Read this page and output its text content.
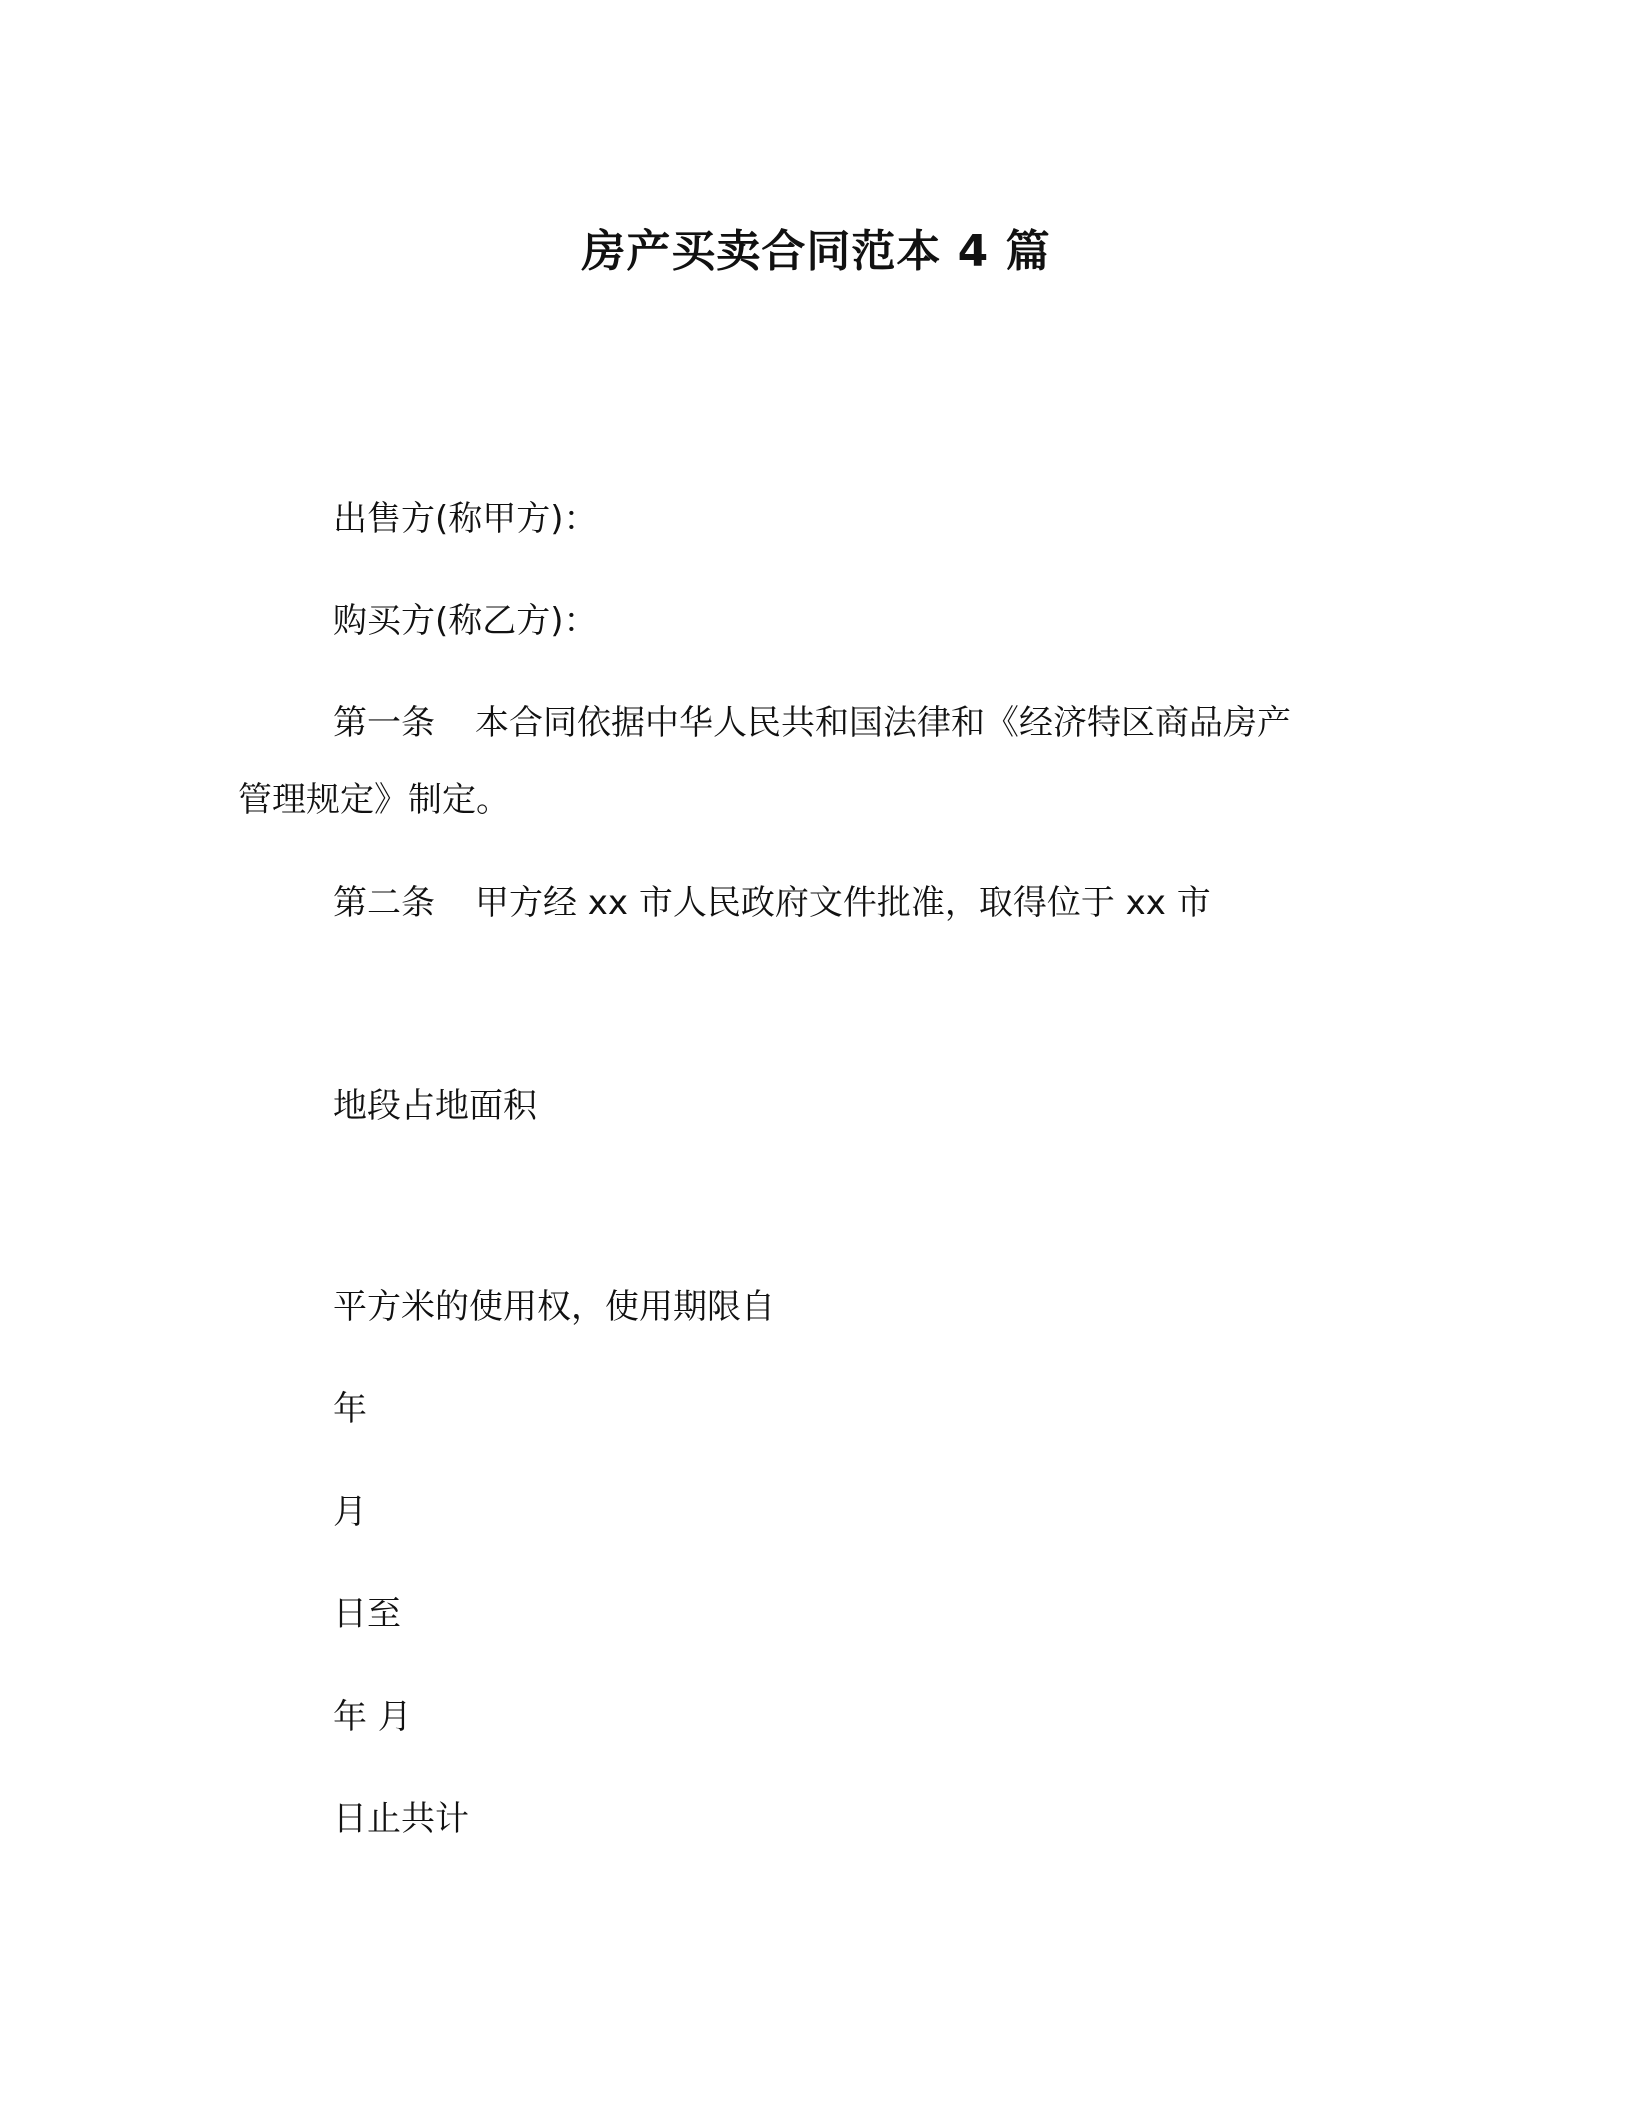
房产买卖合同范本 4 篇
出售方(称甲方)：
购买方(称乙方)：
第一条 本合同依据中华人民共和国法律和《经济特区商品房产
管理规定》制定。
第二条 甲方经 xx 市人民政府文件批准，取得位于 xx 市
地段占地面积
平方米的使用权，使用期限自
年
月
日至
年 月
日止共计
